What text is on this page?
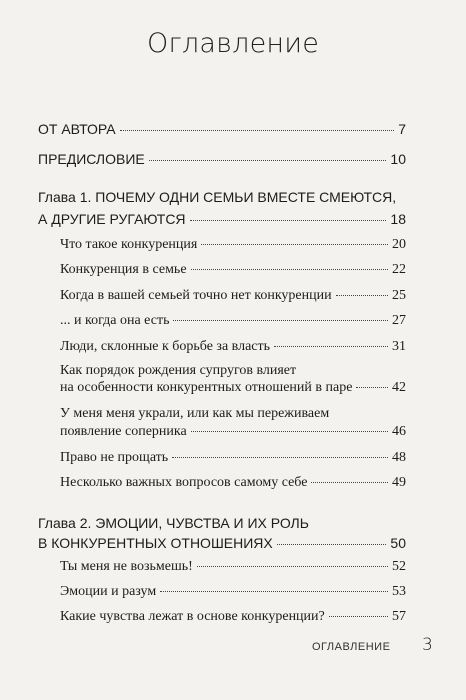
Оглавление
ОТ АВТОРА	7
ПРЕДИСЛОВИЕ	10
Глава 1. ПОЧЕМУ ОДНИ СЕМЬИ ВМЕСТЕ СМЕЮТСЯ,
А ДРУГИЕ РУГАЮТСЯ	18
Что такое конкуренция	20
Конкуренция в семье	22
Когда в вашей семьей точно нет конкуренции	25
... и когда она есть	27
Люди, склонные к борьбе за власть	31
Как порядок рождения супругов влияет
на особенности конкурентных отношений в паре	42
У меня меня украли, или как мы переживаем
появление соперника	46
Право не прощать	48
Несколько важных вопросов самому себе	49
Глава 2. ЭМОЦИИ, ЧУВСТВА И ИХ РОЛЬ
В КОНКУРЕНТНЫХ ОТНОШЕНИЯХ	50
Ты меня не возьмешь!	52
Эмоции и разум	53
Какие чувства лежат в основе конкуренции?	57
ОГЛАВЛЕНИЕ 3
